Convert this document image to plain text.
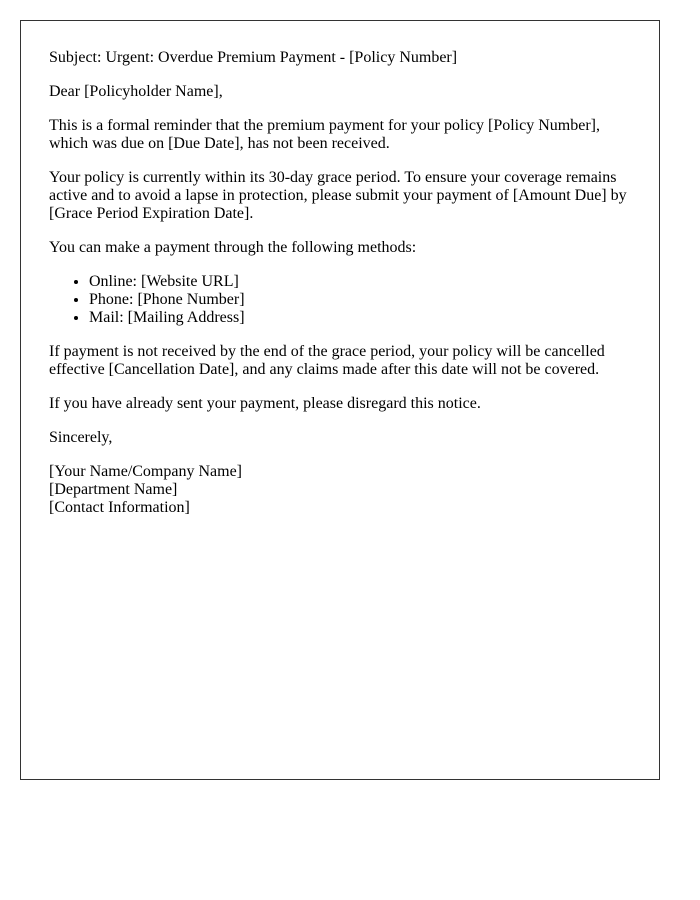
Subject: Urgent: Overdue Premium Payment - [Policy Number]

Dear [Policyholder Name],

This is a formal reminder that the premium payment for your policy [Policy Number], which was due on [Due Date], has not been received.

Your policy is currently within its 30-day grace period. To ensure your coverage remains active and to avoid a lapse in protection, please submit your payment of [Amount Due] by [Grace Period Expiration Date].

You can make a payment through the following methods:

• Online: [Website URL]
• Phone: [Phone Number]
• Mail: [Mailing Address]

If payment is not received by the end of the grace period, your policy will be cancelled effective [Cancellation Date], and any claims made after this date will not be covered.

If you have already sent your payment, please disregard this notice.

Sincerely,

[Your Name/Company Name]
[Department Name]
[Contact Information]
